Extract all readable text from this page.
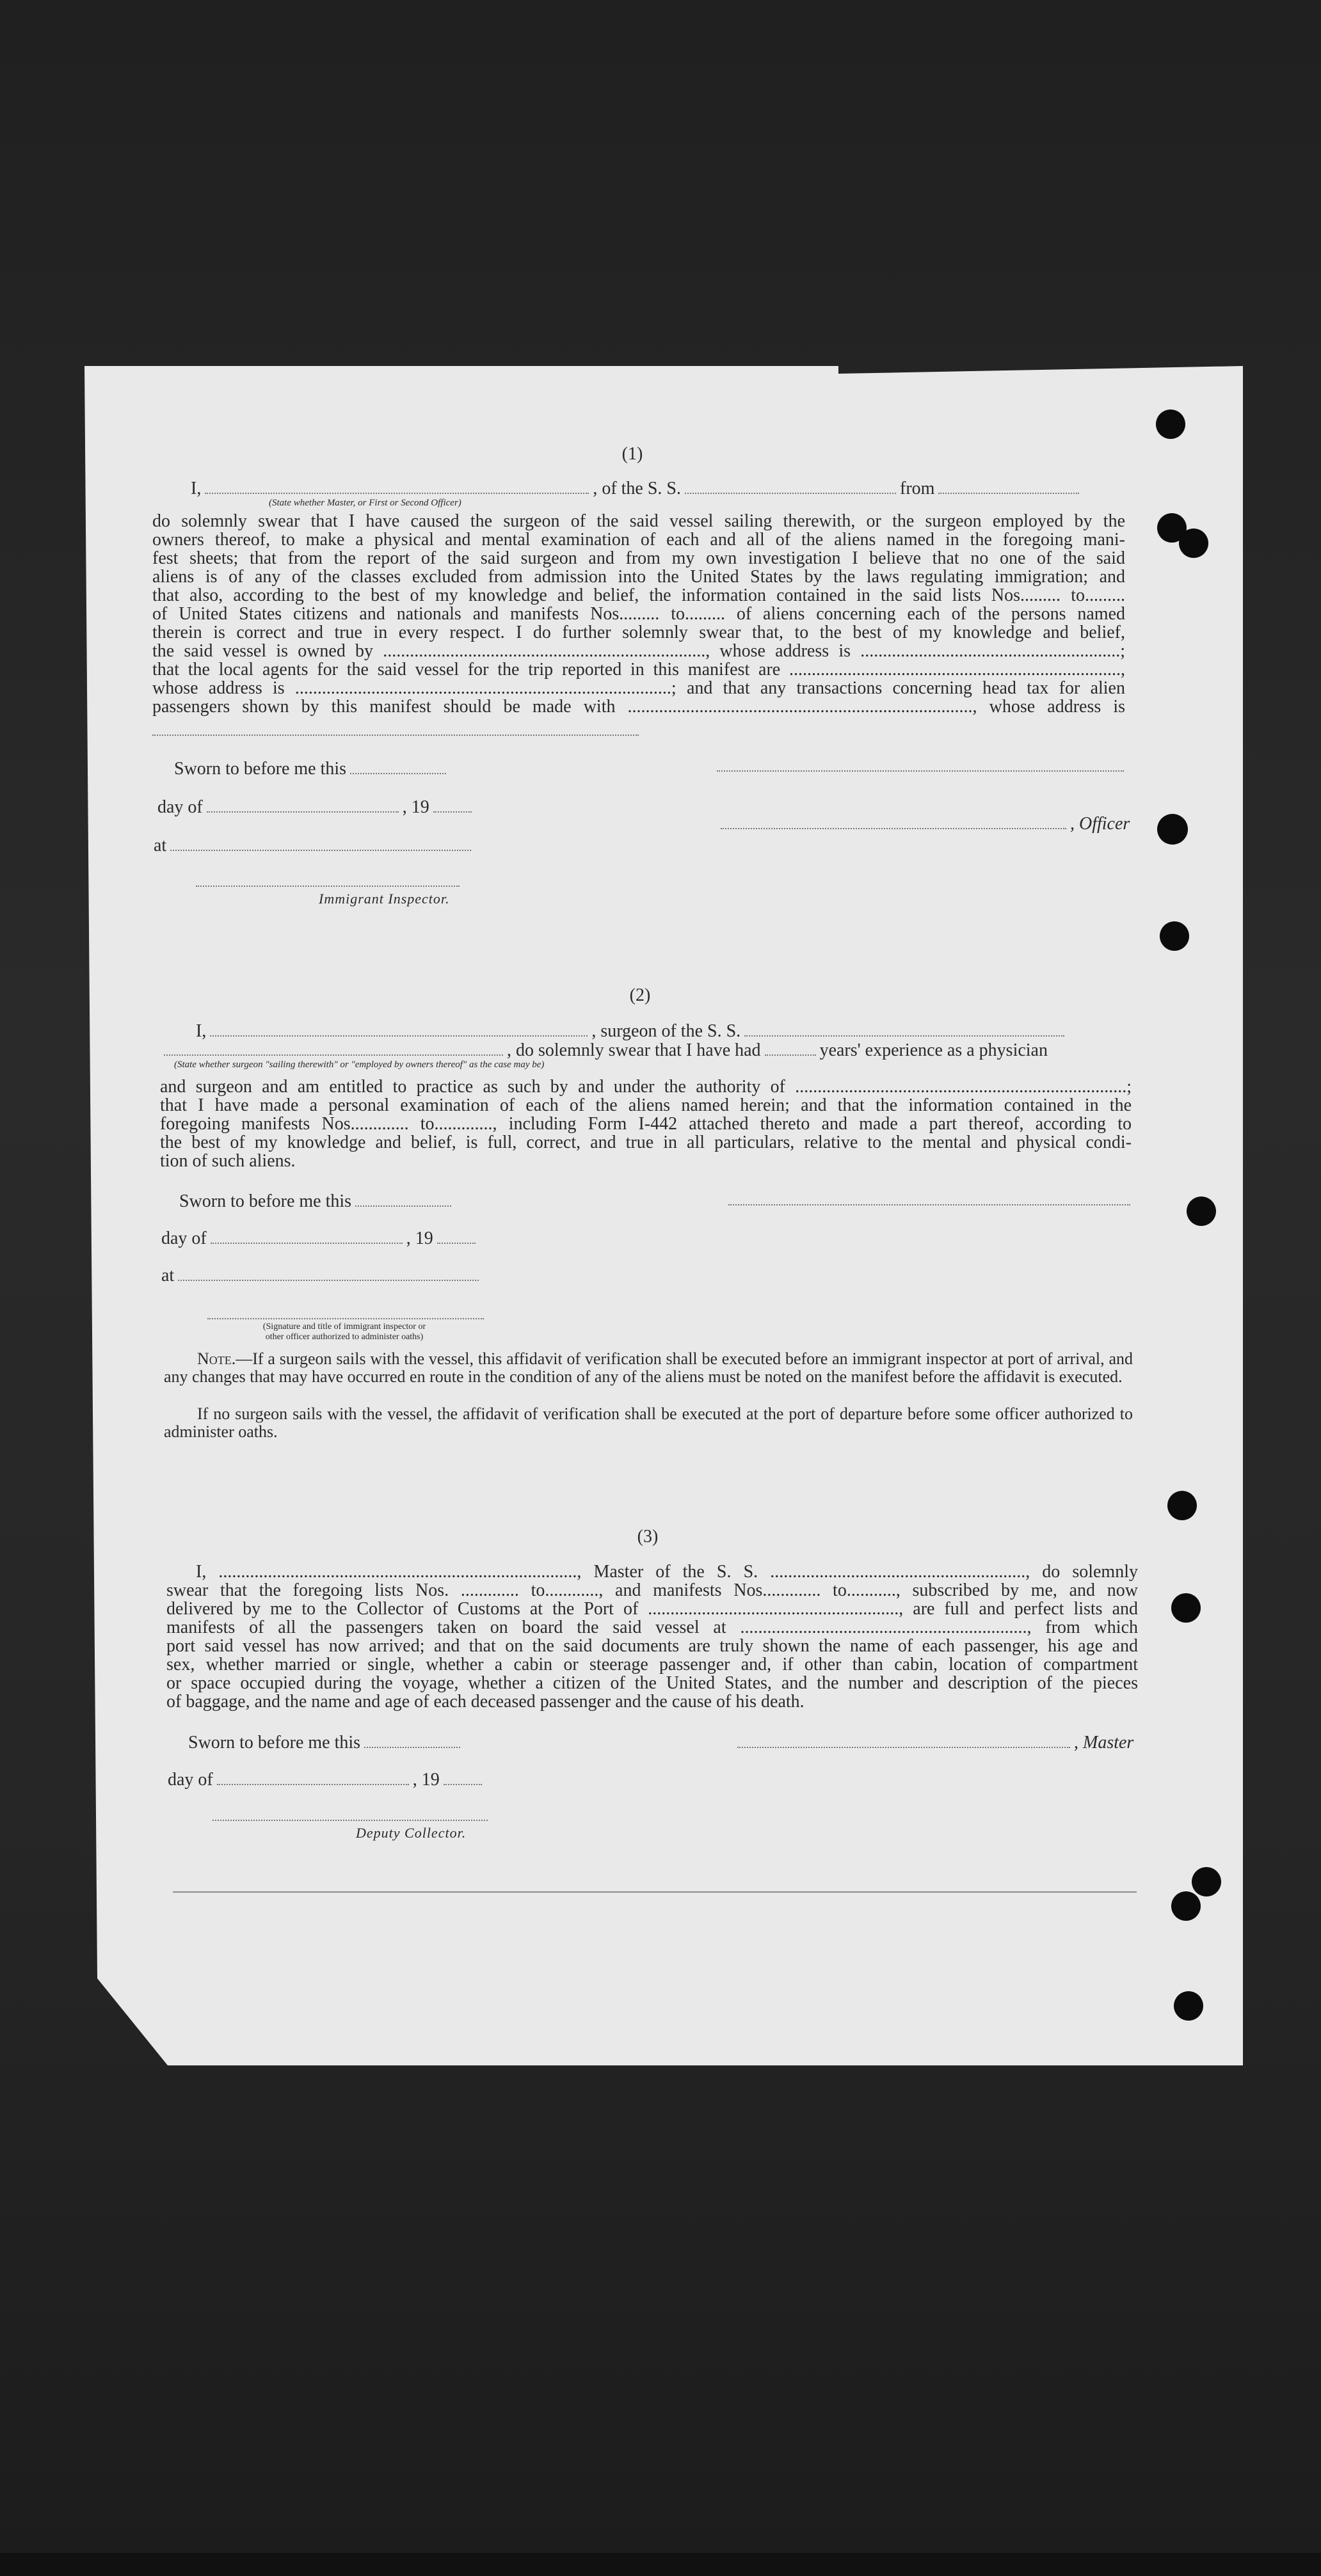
(1)
I,	, of the S. S.	from
(State whether Master, or First or Second Officer)
do solemnly swear that I have caused the surgeon of the said vessel sailing therewith, or the surgeon employed by the
owners thereof, to make a physical and mental examination of each and all of the aliens named in the foregoing mani-
fest sheets; that from the report of the said surgeon and from my own investigation I believe that no one of the said
aliens is of any of the classes excluded from admission into the United States by the laws regulating immigration; and
that also, according to the best of my knowledge and belief, the information contained in the said lists Nos......... to.........
of United States citizens and nationals and manifests Nos......... to......... of aliens concerning each of the persons named
therein is correct and true in every respect. I do further solemnly swear that, to the best of my knowledge and belief,
the said vessel is owned by ........................................................................, whose address is ..........................................................;
that the local agents for the said vessel for the trip reported in this manifest are ..........................................................................,
whose address is ....................................................................................; and that any transactions concerning head tax for alien
passengers shown by this manifest should be made with ............................................................................., whose address is
Sworn to before me this
day of	, 19
, Officer
at
Immigrant Inspector.
(2)
I,	, surgeon of the S. S.
, do solemnly swear that I have had	years' experience as a physician
(State whether surgeon "sailing therewith" or "employed by owners thereof" as the case may be)
and surgeon and am entitled to practice as such by and under the authority of ..........................................................................;
that I have made a personal examination of each of the aliens named herein; and that the information contained in the
foregoing manifests Nos............. to............., including Form I-442 attached thereto and made a part thereof, according to
the best of my knowledge and belief, is full, correct, and true in all particulars, relative to the mental and physical condi-
tion of such aliens.
Sworn to before me this
day of	, 19
at
(Signature and title of immigrant inspector or
other officer authorized to administer oaths)
Note.—If a surgeon sails with the vessel, this affidavit of verification shall be executed before an immigrant inspector at port of arrival, and any changes that may have occurred en route in the condition of any of the aliens must be noted on the manifest before the affidavit is executed.
If no surgeon sails with the vessel, the affidavit of verification shall be executed at the port of departure before some officer authorized to administer oaths.
(3)
I, ................................................................................, Master of the S. S. ........................................................., do solemnly
swear that the foregoing lists Nos. ............. to............, and manifests Nos............. to..........., subscribed by me, and now
delivered by me to the Collector of Customs at the Port of ........................................................, are full and perfect lists and
manifests of all the passengers taken on board the said vessel at ................................................................, from which
port said vessel has now arrived; and that on the said documents are truly shown the name of each passenger, his age and
sex, whether married or single, whether a cabin or steerage passenger and, if other than cabin, location of compartment
or space occupied during the voyage, whether a citizen of the United States, and the number and description of the pieces
of baggage, and the name and age of each deceased passenger and the cause of his death.
Sworn to before me this	, Master
day of	, 19
Deputy Collector.
